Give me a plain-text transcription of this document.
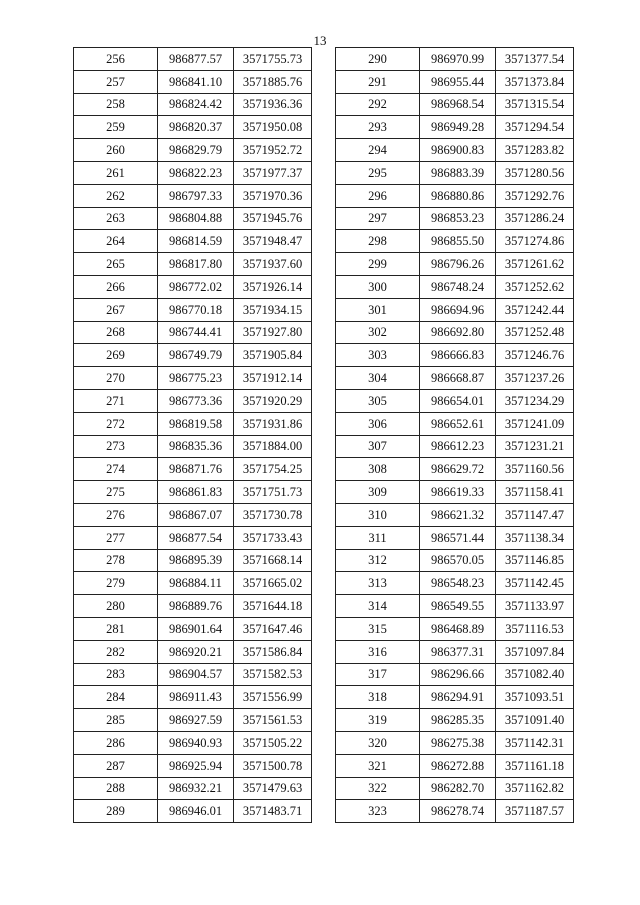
13
256	986877.57	3571755.73
257	986841.10	3571885.76
258	986824.42	3571936.36
259	986820.37	3571950.08
260	986829.79	3571952.72
261	986822.23	3571977.37
262	986797.33	3571970.36
263	986804.88	3571945.76
264	986814.59	3571948.47
265	986817.80	3571937.60
266	986772.02	3571926.14
267	986770.18	3571934.15
268	986744.41	3571927.80
269	986749.79	3571905.84
270	986775.23	3571912.14
271	986773.36	3571920.29
272	986819.58	3571931.86
273	986835.36	3571884.00
274	986871.76	3571754.25
275	986861.83	3571751.73
276	986867.07	3571730.78
277	986877.54	3571733.43
278	986895.39	3571668.14
279	986884.11	3571665.02
280	986889.76	3571644.18
281	986901.64	3571647.46
282	986920.21	3571586.84
283	986904.57	3571582.53
284	986911.43	3571556.99
285	986927.59	3571561.53
286	986940.93	3571505.22
287	986925.94	3571500.78
288	986932.21	3571479.63
289	986946.01	3571483.71
290	986970.99	3571377.54
291	986955.44	3571373.84
292	986968.54	3571315.54
293	986949.28	3571294.54
294	986900.83	3571283.82
295	986883.39	3571280.56
296	986880.86	3571292.76
297	986853.23	3571286.24
298	986855.50	3571274.86
299	986796.26	3571261.62
300	986748.24	3571252.62
301	986694.96	3571242.44
302	986692.80	3571252.48
303	986666.83	3571246.76
304	986668.87	3571237.26
305	986654.01	3571234.29
306	986652.61	3571241.09
307	986612.23	3571231.21
308	986629.72	3571160.56
309	986619.33	3571158.41
310	986621.32	3571147.47
311	986571.44	3571138.34
312	986570.05	3571146.85
313	986548.23	3571142.45
314	986549.55	3571133.97
315	986468.89	3571116.53
316	986377.31	3571097.84
317	986296.66	3571082.40
318	986294.91	3571093.51
319	986285.35	3571091.40
320	986275.38	3571142.31
321	986272.88	3571161.18
322	986282.70	3571162.82
323	986278.74	3571187.57
